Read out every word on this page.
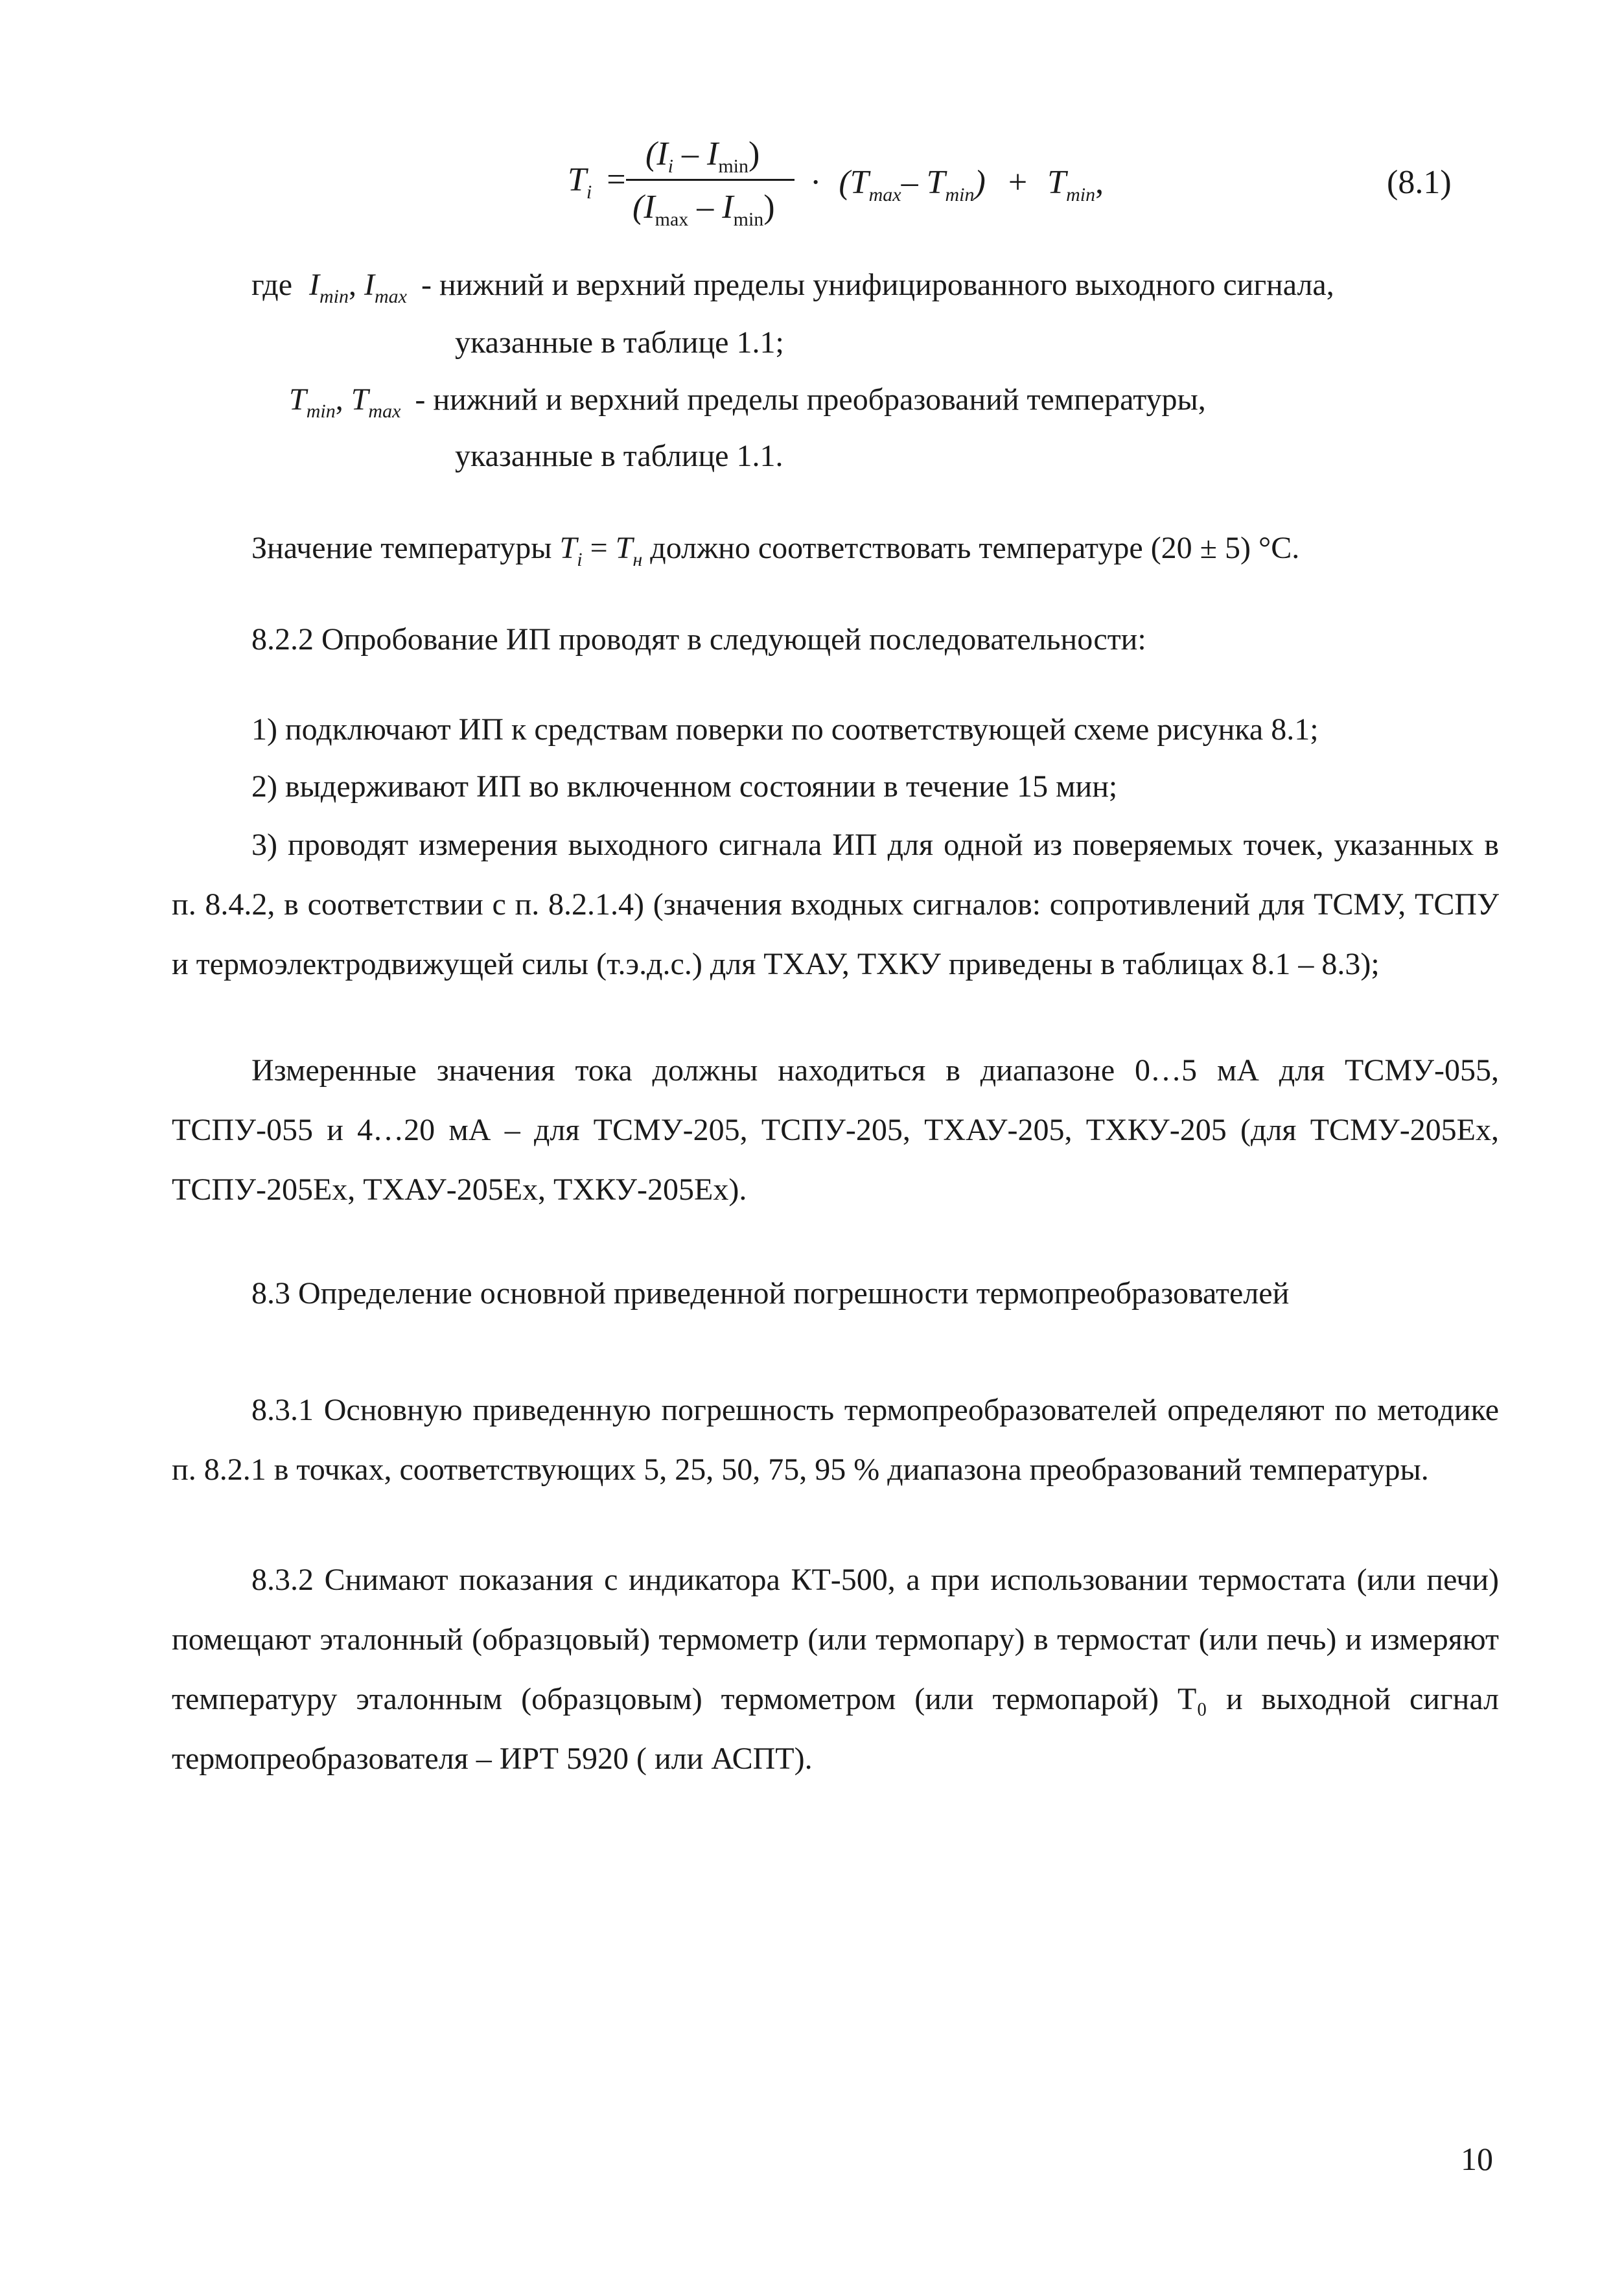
$T_i$ =
$(I_i - I_{min})$
$(I_{max} - I_{min})$
· ($T_{max}-$ $T_{min}) + T_{min}$,	(8.1)
где $I_{min}$, $I_{max}$ - нижний и верхний пределы унифицированного выходного сигнала,
указанные в таблице 1.1;
$T_{min}$, $T_{max}$ - нижний и верхний пределы преобразований температуры,
указанные в таблице 1.1.
Значение температуры $T_i = T_н$ должно соответствовать температуре (20 ± 5) °С.
8.2.2 Опробование ИП проводят в следующей последовательности:
1) подключают ИП к средствам поверки по соответствующей схеме рисунка 8.1;
2) выдерживают ИП во включенном состоянии в течение 15 мин;
3) проводят измерения выходного сигнала ИП для одной из поверяемых точек, указанных в п. 8.4.2, в соответствии с п. 8.2.1.4) (значения входных сигналов: сопротивлений для ТСМУ, ТСПУ и термоэлектродвижущей силы (т.э.д.с.) для ТХАУ, ТХКУ приведены в таблицах 8.1 – 8.3);
Измеренные значения тока должны находиться в диапазоне 0…5 мА для ТСМУ-055, ТСПУ-055 и 4…20 мА – для ТСМУ-205, ТСПУ-205, ТХАУ-205, ТХКУ-205 (для ТСМУ-205Ех, ТСПУ-205Ех, ТХАУ-205Ех, ТХКУ-205Ех).
8.3 Определение основной приведенной погрешности термопреобразователей
8.3.1 Основную приведенную погрешность термопреобразователей определяют по методике п. 8.2.1 в точках, соответствующих 5, 25, 50, 75, 95 % диапазона преобразований температуры.
8.3.2 Снимают показания с индикатора КТ-500, а при использовании термостата (или печи) помещают эталонный (образцовый) термометр (или термопару) в термостат (или печь) и измеряют температуру эталонным (образцовым) термометром (или термопарой) Т₀ и выходной сигнал термопреобразователя – ИРТ 5920 ( или АСПТ).
10
